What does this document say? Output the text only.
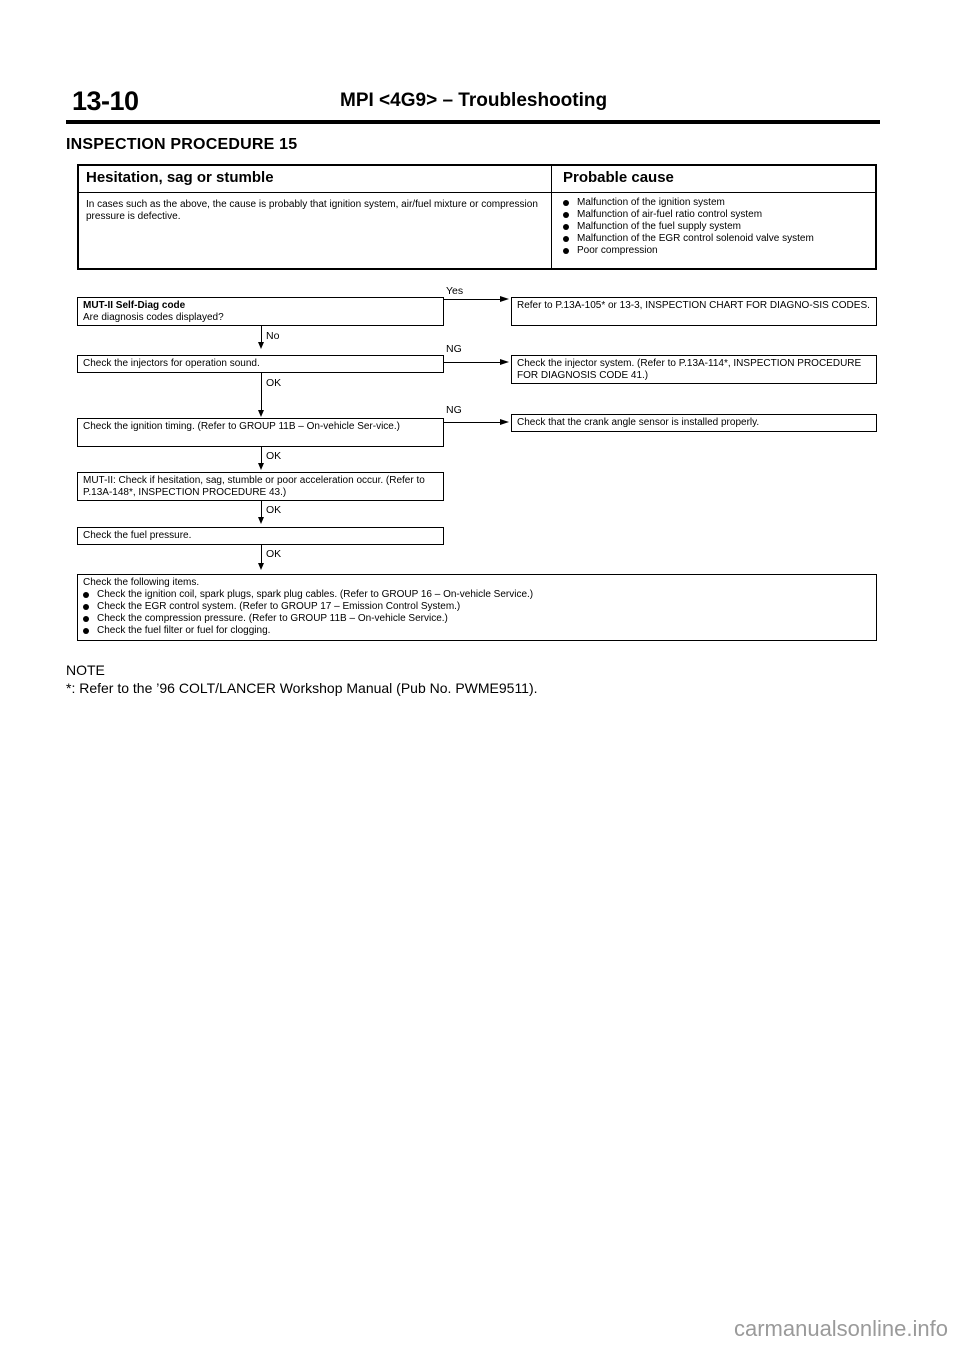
13-10	MPI <4G9> – Troubleshooting
INSPECTION PROCEDURE 15
Hesitation, sag or stumble	Probable cause
In cases such as the above, the cause is probably that ignition system, air/fuel mixture or compression pressure is defective.
Malfunction of the ignition system
Malfunction of air-fuel ratio control system
Malfunction of the fuel supply system
Malfunction of the EGR control solenoid valve system
Poor compression
MUT-II Self-Diag code
Are diagnosis codes displayed?
Yes
Refer to P.13A-105* or 13-3, INSPECTION CHART FOR DIAGNO-SIS CODES.
No
Check the injectors for operation sound.
NG
Check the injector system. (Refer to P.13A-114*, INSPECTION PROCEDURE FOR DIAGNOSIS CODE 41.)
OK
Check the ignition timing. (Refer to GROUP 11B – On-vehicle Ser-vice.)
NG
Check that the crank angle sensor is installed properly.
OK
MUT-II: Check if hesitation, sag, stumble or poor acceleration occur. (Refer to P.13A-148*, INSPECTION PROCEDURE 43.)
OK
Check the fuel pressure.
OK
Check the following items.
Check the ignition coil, spark plugs, spark plug cables. (Refer to GROUP 16 – On-vehicle Service.)
Check the EGR control system. (Refer to GROUP 17 – Emission Control System.)
Check the compression pressure. (Refer to GROUP 11B – On-vehicle Service.)
Check the fuel filter or fuel for clogging.
NOTE
*: Refer to the ’96 COLT/LANCER Workshop Manual (Pub No. PWME9511).
carmanualsonline.info
